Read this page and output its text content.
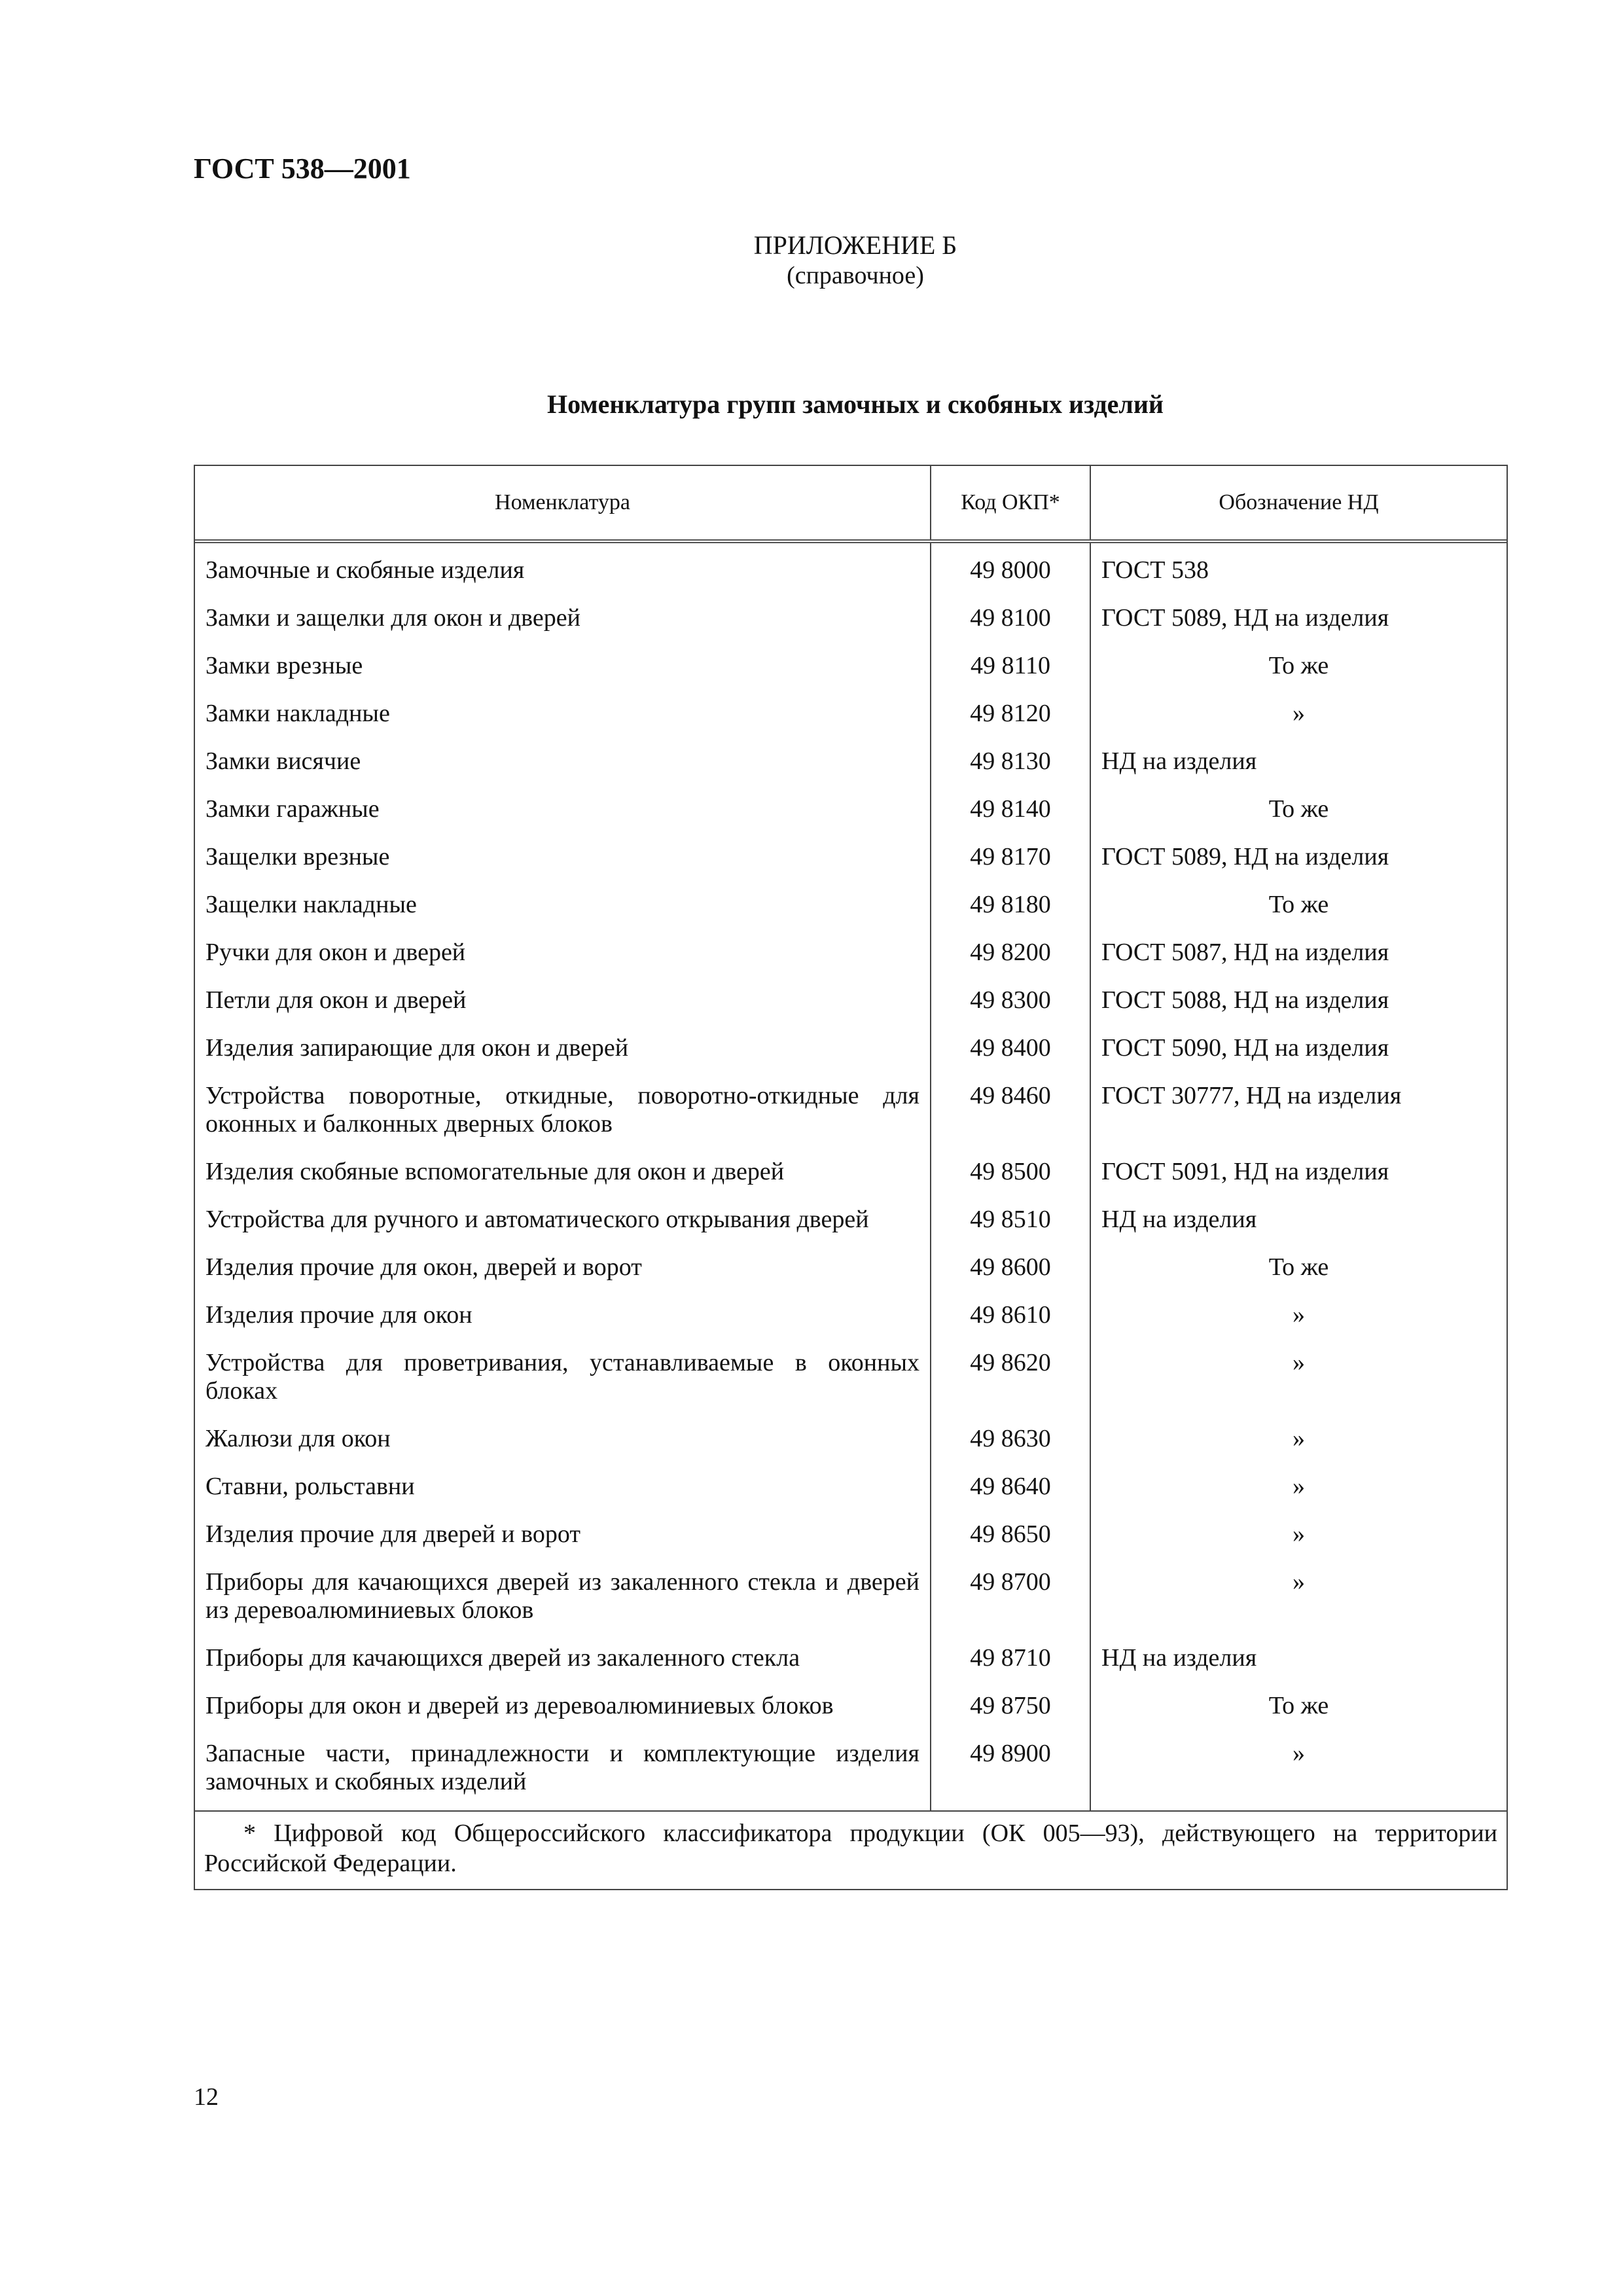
ГОСТ 538—2001
ПРИЛОЖЕНИЕ Б
(справочное)
Номенклатура групп замочных и скобяных изделий
Номенклатура	Код ОКП*	Обозначение НД
Замочные и скобяные изделия	49 8000	ГОСТ 538
Замки и защелки для окон и дверей	49 8100	ГОСТ 5089, НД на изделия
Замки врезные	49 8110	То же
Замки накладные	49 8120	»
Замки висячие	49 8130	НД на изделия
Замки гаражные	49 8140	То же
Защелки врезные	49 8170	ГОСТ 5089, НД на изделия
Защелки накладные	49 8180	То же
Ручки для окон и дверей	49 8200	ГОСТ 5087, НД на изделия
Петли для окон и дверей	49 8300	ГОСТ 5088, НД на изделия
Изделия запирающие для окон и дверей	49 8400	ГОСТ 5090, НД на изделия
Устройства поворотные, откидные, поворотно-откидные для оконных и балконных дверных блоков	49 8460	ГОСТ 30777, НД на изделия
Изделия скобяные вспомогательные для окон и дверей	49 8500	ГОСТ 5091, НД на изделия
Устройства для ручного и автоматического открывания дверей	49 8510	НД на изделия
Изделия прочие для окон, дверей и ворот	49 8600	То же
Изделия прочие для окон	49 8610	»
Устройства для проветривания, устанавливаемые в оконных блоках	49 8620	»
Жалюзи для окон	49 8630	»
Ставни, рольставни	49 8640	»
Изделия прочие для дверей и ворот	49 8650	»
Приборы для качающихся дверей из закаленного стекла и дверей из деревоалюминиевых блоков	49 8700	»
Приборы для качающихся дверей из закаленного стекла	49 8710	НД на изделия
Приборы для окон и дверей из деревоалюминиевых блоков	49 8750	То же
Запасные части, принадлежности и комплектующие изделия замочных и скобяных изделий	49 8900	»
* Цифровой код Общероссийского классификатора продукции (ОК 005—93), действующего на территории Российской Федерации.
12
